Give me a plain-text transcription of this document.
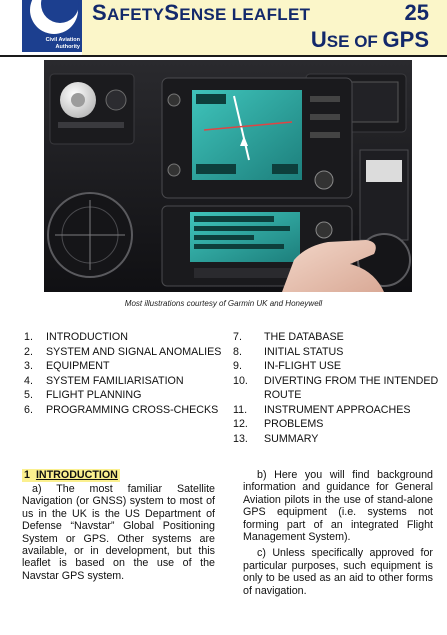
Civil Aviation Authority
SAFETYSENSE LEAFLET	25
USE OF GPS
Most illustrations courtesy of Garmin UK and Honeywell
1.	INTRODUCTION
2.	SYSTEM AND SIGNAL ANOMALIES
3.	EQUIPMENT
4.	SYSTEM FAMILIARISATION
5.	FLIGHT PLANNING
6.	PROGRAMMING CROSS-CHECKS
7.	THE DATABASE
8.	INITIAL STATUS
9.	IN-FLIGHT USE
10.	DIVERTING FROM THE INTENDED ROUTE
11.	INSTRUMENT APPROACHES
12.	PROBLEMS
13.	SUMMARY
1 INTRODUCTION

a) The most familiar Satellite Navigation (or GNSS) system to most of us in the UK is the US Department of Defense “Navstar” Global Positioning System or GPS. Other systems are available, or in development, but this leaflet is based on the use of the Navstar GPS system.

b) Here you will find background information and guidance for General Aviation pilots in the use of stand-alone GPS equipment (i.e. systems not forming part of an integrated Flight Management System).

c) Unless specifically approved for particular purposes, such equipment is only to be used as an aid to other forms of navigation.
